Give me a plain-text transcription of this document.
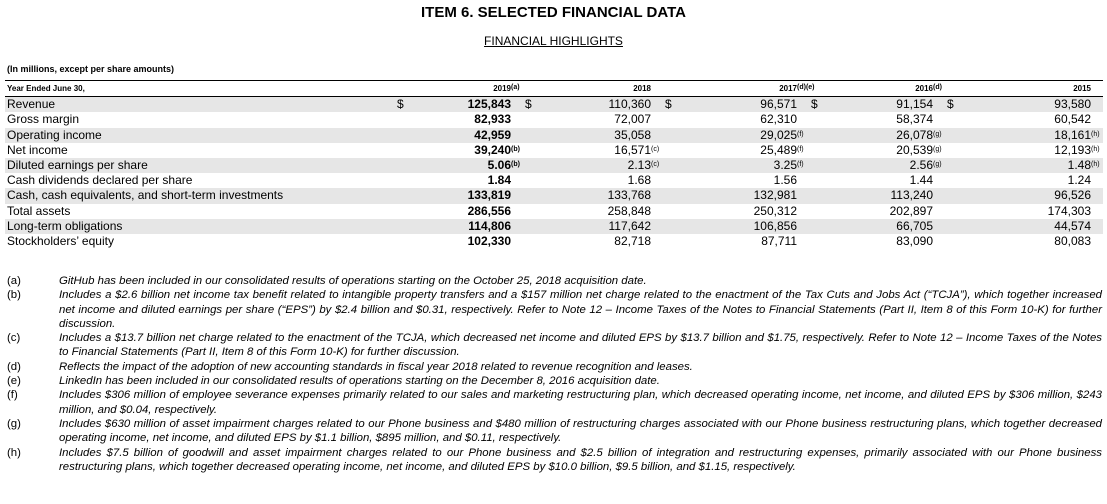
ITEM 6. SELECTED FINANCIAL DATA
FINANCIAL HIGHLIGHTS
(In millions, except per share amounts)
Year Ended June 30,		2019	(a)		2018			2017	(d)(e)		2016	(d)		2015	
Revenue	$	125,843		$	110,360		$	96,571		$	91,154		$	93,580	
Gross margin		82,933			72,007			62,310			58,374			60,542	
Operating income		42,959			35,058			29,025	$^{(f)}$		26,078	$^{(g)}$		18,161	$^{(h)}$
Net income		39,240	$^{(b)}$		16,571	$^{(c)}$		25,489	$^{(f)}$		20,539	$^{(g)}$		12,193	$^{(h)}$
Diluted earnings per share		5.06	$^{(b)}$		2.13	$^{(c)}$		3.25	$^{(f)}$		2.56	$^{(g)}$		1.48	$^{(h)}$
Cash dividends declared per share		1.84			1.68			1.56			1.44			1.24	
Cash, cash equivalents, and short-term investments		133,819			133,768			132,981			113,240			96,526	
Total assets		286,556			258,848			250,312			202,897			174,303	
Long-term obligations		114,806			117,642			106,856			66,705			44,574	
Stockholders’ equity		102,330			82,718			87,711			83,090			80,083	
(a)	GitHub has been included in our consolidated results of operations starting on the October 25, 2018 acquisition date.
(b)	Includes a $2.6 billion net income tax benefit related to intangible property transfers and a $157 million net charge related to the enactment of the Tax Cuts and Jobs Act (“TCJA”), which together increased net income and diluted earnings per share (“EPS”) by $2.4 billion and $0.31, respectively. Refer to Note 12 – Income Taxes of the Notes to Financial Statements (Part II, Item 8 of this Form 10-K) for further discussion.
(c)	Includes a $13.7 billion net charge related to the enactment of the TCJA, which decreased net income and diluted EPS by $13.7 billion and $1.75, respectively. Refer to Note 12 – Income Taxes of the Notes to Financial Statements (Part II, Item 8 of this Form 10-K) for further discussion.
(d)	Reflects the impact of the adoption of new accounting standards in fiscal year 2018 related to revenue recognition and leases.
(e)	LinkedIn has been included in our consolidated results of operations starting on the December 8, 2016 acquisition date.
(f)	Includes $306 million of employee severance expenses primarily related to our sales and marketing restructuring plan, which decreased operating income, net income, and diluted EPS by $306 million, $243 million, and $0.04, respectively.
(g)	Includes $630 million of asset impairment charges related to our Phone business and $480 million of restructuring charges associated with our Phone business restructuring plans, which together decreased operating income, net income, and diluted EPS by $1.1 billion, $895 million, and $0.11, respectively.
(h)	Includes $7.5 billion of goodwill and asset impairment charges related to our Phone business and $2.5 billion of integration and restructuring expenses, primarily associated with our Phone business restructuring plans, which together decreased operating income, net income, and diluted EPS by $10.0 billion, $9.5 billion, and $1.15, respectively.
